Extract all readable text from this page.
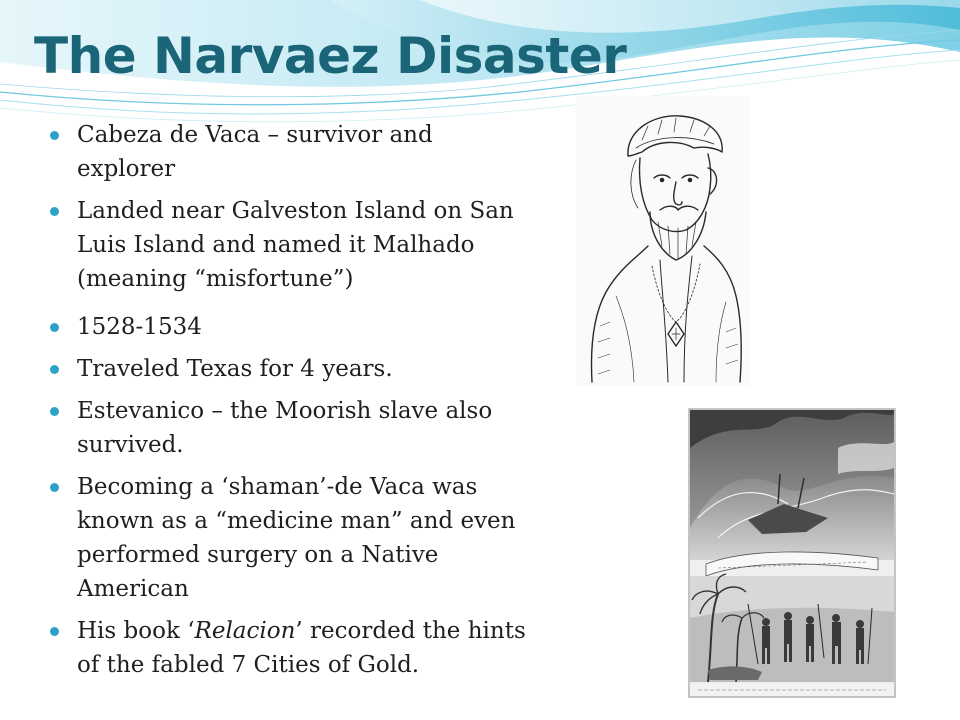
The Narvaez Disaster
Cabeza de Vaca – survivor and explorer
Landed near Galveston Island on San Luis Island and named it Malhado (meaning “misfortune”)
1528-1534
Traveled Texas for 4 years.
Estevanico – the Moorish slave also survived.
Becoming a ‘shaman’-de Vaca was known as a “medicine man” and even performed surgery on a Native American
His book ‘Relacion’ recorded the hints of the fabled 7 Cities of Gold.
